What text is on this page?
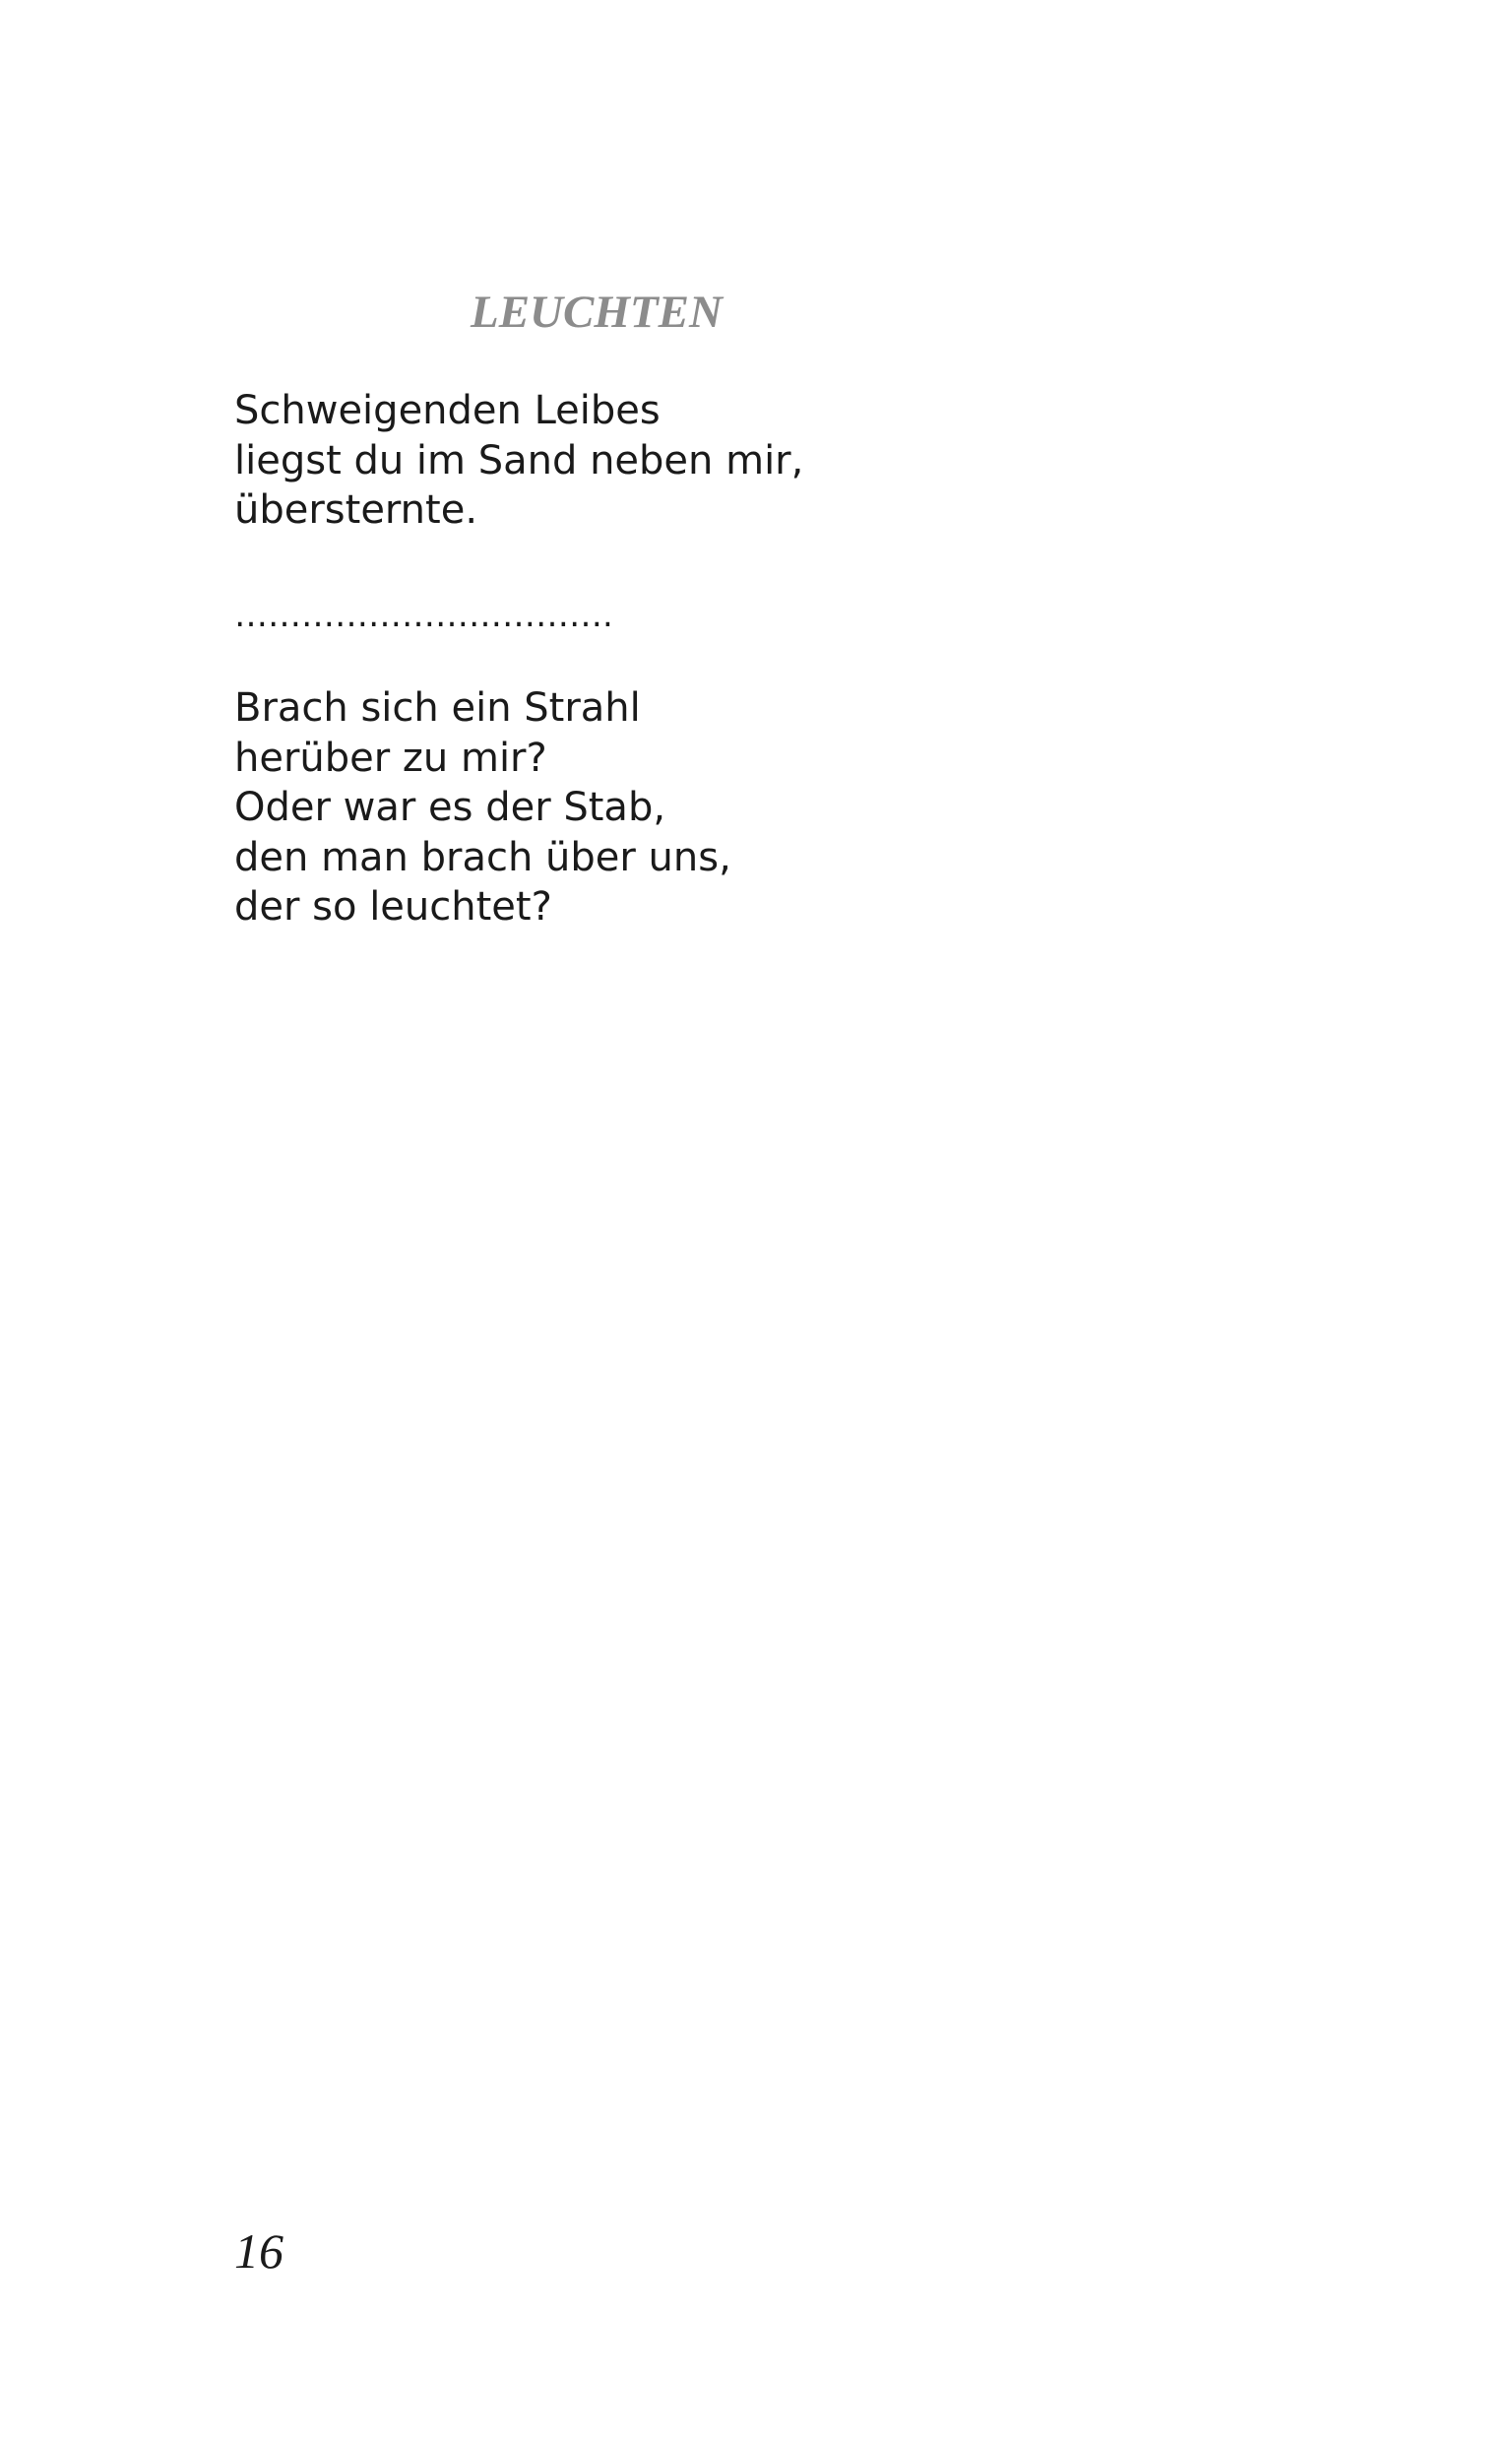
LEUCHTEN
Schweigenden Leibes
liegst du im Sand neben mir,
übersternte.
…………………………….
Brach sich ein Strahl
herüber zu mir?
Oder war es der Stab,
den man brach über uns,
der so leuchtet?
16
